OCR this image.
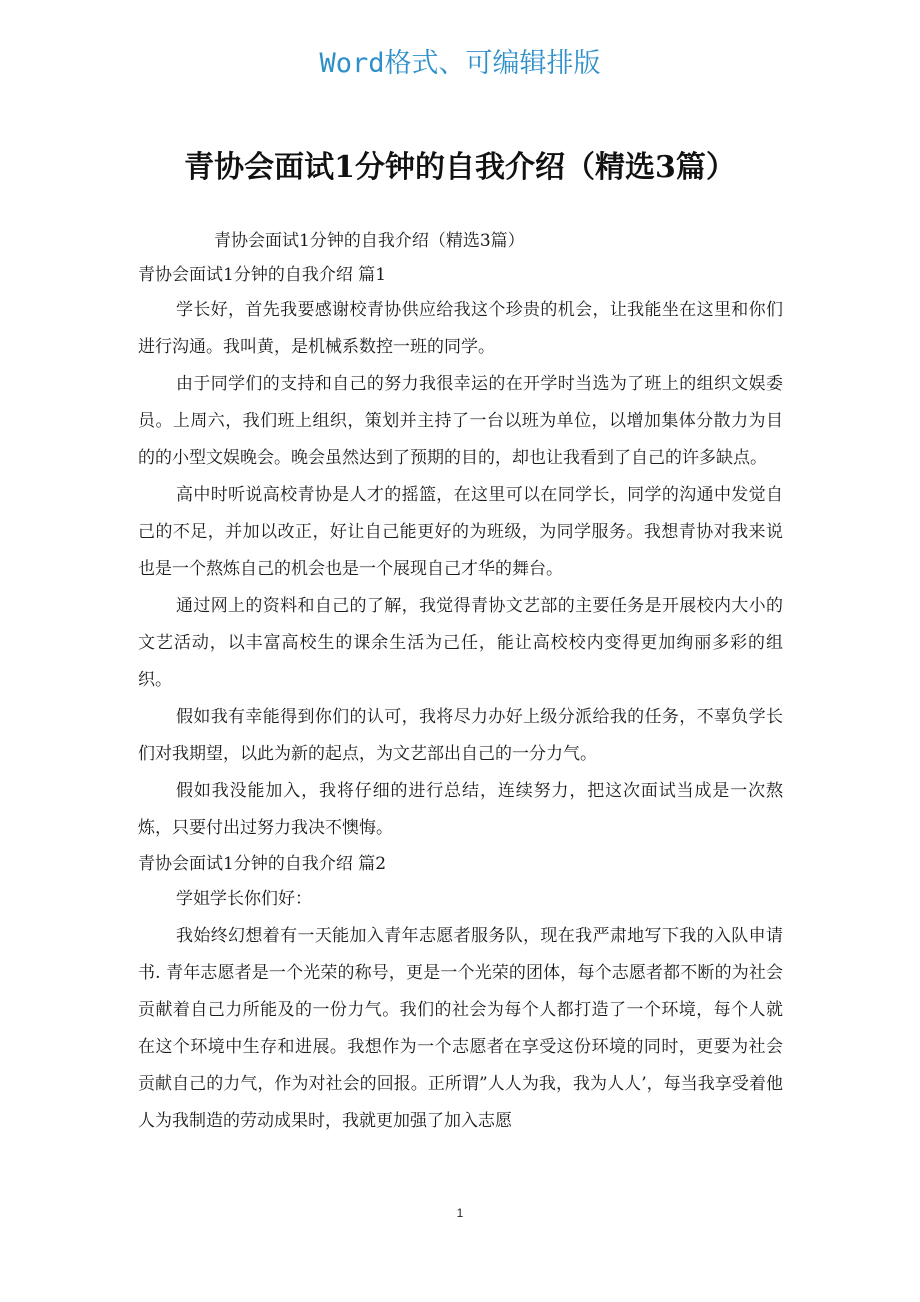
Word格式、可编辑排版
青协会面试1分钟的自我介绍（精选3篇）

青协会面试1分钟的自我介绍（精选3篇）

青协会面试1分钟的自我介绍 篇1

学长好，首先我要感谢校青协供应给我这个珍贵的机会，让我能坐在这里和你们进行沟通。我叫黄，是机械系数控一班的同学。

由于同学们的支持和自己的努力我很幸运的在开学时当选为了班上的组织文娱委员。上周六，我们班上组织，策划并主持了一台以班为单位，以增加集体分散力为目的的小型文娱晚会。晚会虽然达到了预期的目的，却也让我看到了自己的许多缺点。

高中时听说高校青协是人才的摇篮，在这里可以在同学长，同学的沟通中发觉自己的不足，并加以改正，好让自己能更好的为班级，为同学服务。我想青协对我来说也是一个熬炼自己的机会也是一个展现自己才华的舞台。

通过网上的资料和自己的了解，我觉得青协文艺部的主要任务是开展校内大小的文艺活动，以丰富高校生的课余生活为己任，能让高校校内变得更加绚丽多彩的组织。

假如我有幸能得到你们的认可，我将尽力办好上级分派给我的任务，不辜负学长们对我期望，以此为新的起点，为文艺部出自己的一分力气。

假如我没能加入，我将仔细的进行总结，连续努力，把这次面试当成是一次熬炼，只要付出过努力我决不懊悔。

青协会面试1分钟的自我介绍 篇2

学姐学长你们好：

我始终幻想着有一天能加入青年志愿者服务队，现在我严肃地写下我的入队申请书. 青年志愿者是一个光荣的称号，更是一个光荣的团体，每个志愿者都不断的为社会贡献着自己力所能及的一份力气。我们的社会为每个人都打造了一个环境，每个人就在这个环境中生存和进展。我想作为一个志愿者在享受这份环境的同时，更要为社会贡献自己的力气，作为对社会的回报。正所谓”人人为我，我为人人’，每当我享受着他人为我制造的劳动成果时，我就更加强了加入志愿

1
